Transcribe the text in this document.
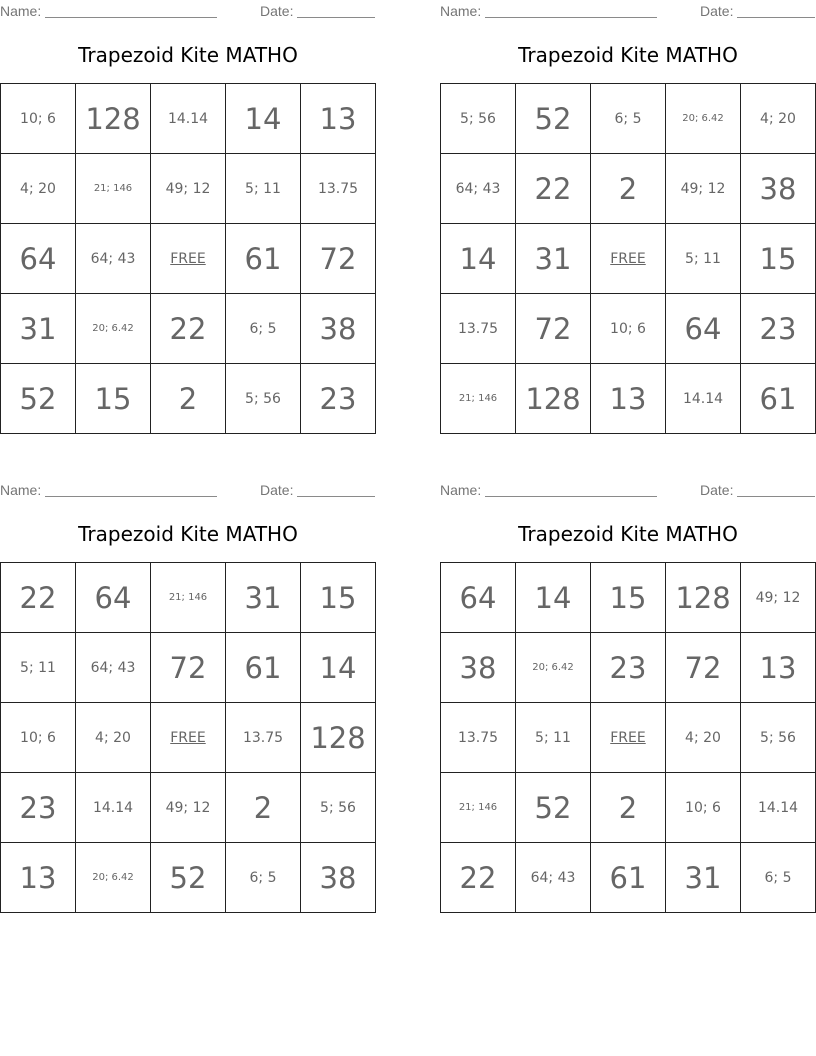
Name:	Date:
Trapezoid Kite MATHO
10; 6	128	14.14	14	13
4; 20	21; 146	49; 12	5; 11	13.75
64	64; 43	FREE	61	72
31	20; 6.42	22	6; 5	38
52	15	2	5; 56	23
Name:	Date:
Trapezoid Kite MATHO
5; 56	52	6; 5	20; 6.42	4; 20
64; 43	22	2	49; 12	38
14	31	FREE	5; 11	15
13.75	72	10; 6	64	23
21; 146	128	13	14.14	61
Name:	Date:
Trapezoid Kite MATHO
22	64	21; 146	31	15
5; 11	64; 43	72	61	14
10; 6	4; 20	FREE	13.75	128
23	14.14	49; 12	2	5; 56
13	20; 6.42	52	6; 5	38
Name:	Date:
Trapezoid Kite MATHO
64	14	15	128	49; 12
38	20; 6.42	23	72	13
13.75	5; 11	FREE	4; 20	5; 56
21; 146	52	2	10; 6	14.14
22	64; 43	61	31	6; 5
